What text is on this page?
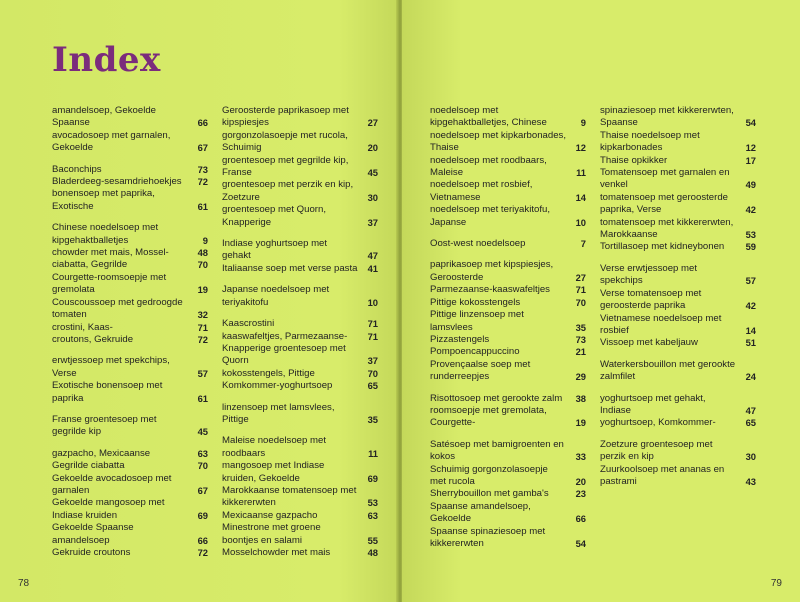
Index
amandelsoep, Gekoelde Spaanse	66
avocadosoep met garnalen, Gekoelde	67
Baconchips	73
Bladerdeeg-sesamdriehoekjes	72
bonensoep met paprika, Exotische	61
Chinese noedelsoep met kipgehaktballetjes	9
chowder met mais, Mossel-	48
ciabatta, Gegrilde	70
Courgette-roomsoepje met gremolata	19
Couscoussoep met gedroogde tomaten	32
crostini, Kaas-	71
croutons, Gekruide	72
erwtjessoep met spekchips, Verse	57
Exotische bonensoep met paprika	61
Franse groentesoep met gegrilde kip	45
gazpacho, Mexicaanse	63
Gegrilde ciabatta	70
Gekoelde avocadosoep met garnalen	67
Gekoelde mangosoep met Indiase kruiden	69
Gekoelde Spaanse amandelsoep	66
Gekruide croutons	72
Geroosterde paprikasoep met kipspiesjes	27
gorgonzolasoepje met rucola, Schuimig	20
groentesoep met gegrilde kip, Franse	45
groentesoep met perzik en kip, Zoetzure	30
groentesoep met Quorn, Knapperige	37
Indiase yoghurtsoep met gehakt	47
Italiaanse soep met verse pasta	41
Japanse noedelsoep met teriyakitofu	10
Kaascrostini	71
kaaswafeltjes, Parmezaanse-	71
Knapperige groentesoep met Quorn	37
kokosstengels, Pittige	70
Komkommer-yoghurtsoep	65
linzensoep met lamsvlees, Pittige	35
Maleise noedelsoep met roodbaars	11
mangosoep met Indiase kruiden, Gekoelde	69
Marokkaanse tomatensoep met kikkererwten	53
Mexicaanse gazpacho	63
Minestrone met groene boontjes en salami	55
Mosselchowder met mais	48
78
noedelsoep met kipgehaktballetjes, Chinese	9
noedelsoep met kipkarbonades, Thaise	12
noedelsoep met roodbaars, Maleise	11
noedelsoep met rosbief, Vietnamese	14
noedelsoep met teriyakitofu, Japanse	10
Oost-west noedelsoep	7
paprikasoep met kipspiesjes, Geroosterde	27
Parmezaanse-kaaswafeltjes	71
Pittige kokosstengels	70
Pittige linzensoep met lamsvlees	35
Pizzastengels	73
Pompoencappuccino	21
Provençaalse soep met runderreepjes	29
Risottosoep met gerookte zalm	38
roomsoepje met gremolata, Courgette-	19
Satésoep met bamigroenten en kokos	33
Schuimig gorgonzolasoepje met rucola	20
Sherrybouillon met gamba's	23
Spaanse amandelsoep, Gekoelde	66
Spaanse spinaziesoep met kikkererwten	54
spinaziesoep met kikkererwten, Spaanse	54
Thaise noedelsoep met kipkarbonades	12
Thaise opkikker	17
Tomatensoep met garnalen en venkel	49
tomatensoep met geroosterde paprika, Verse	42
tomatensoep met kikkererwten, Marokkaanse	53
Tortillasoep met kidneybonen	59
Verse erwtjessoep met spekchips	57
Verse tomatensoep met geroosterde paprika	42
Vietnamese noedelsoep met rosbief	14
Vissoep met kabeljauw	51
Waterkersbouillon met gerookte zalmfilet	24
yoghurtsoep met gehakt, Indiase	47
yoghurtsoep, Komkommer-	65
Zoetzure groentesoep met perzik en kip	30
Zuurkoolsoep met ananas en pastrami	43
79
